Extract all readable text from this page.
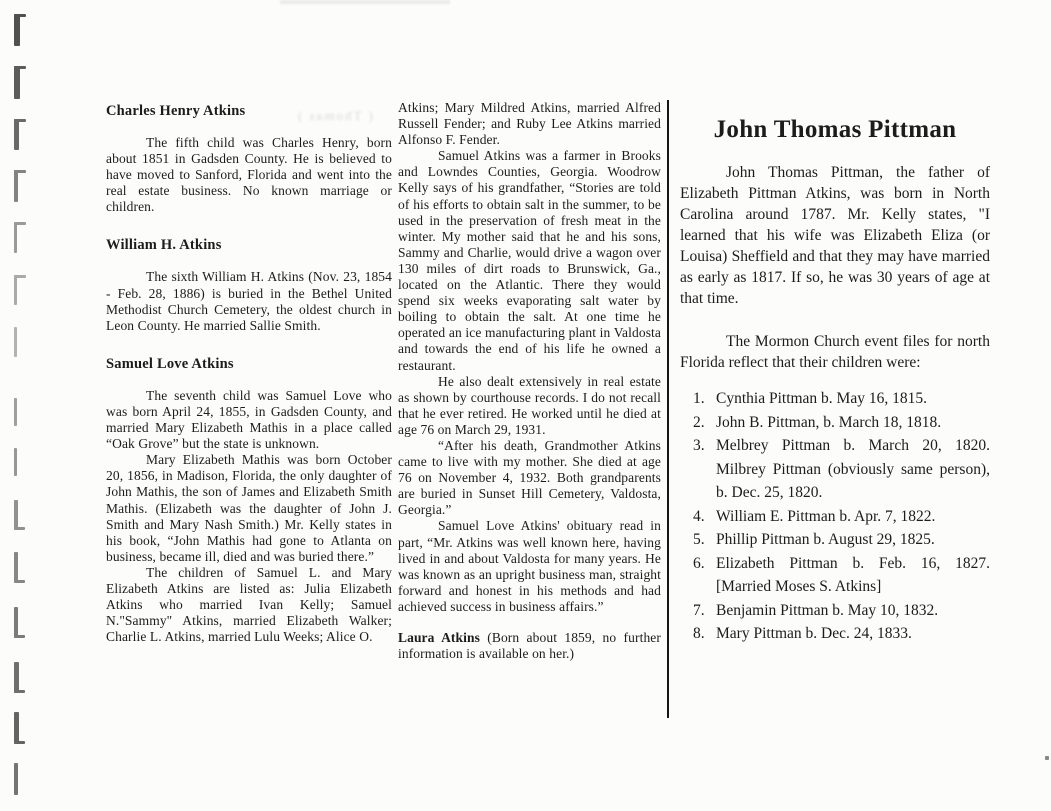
( Thomas )
Charles Henry Atkins

The fifth child was Charles Henry, born about 1851 in Gadsden County. He is believed to have moved to Sanford, Florida and went into the real estate business. No known marriage or children.

William H. Atkins

The sixth William H. Atkins (Nov. 23, 1854 - Feb. 28, 1886) is buried in the Bethel United Methodist Church Cemetery, the oldest church in Leon County. He married Sallie Smith.

Samuel Love Atkins

The seventh child was Samuel Love who was born April 24, 1855, in Gadsden County, and married Mary Elizabeth Mathis in a place called “Oak Grove” but the state is unknown.

Mary Elizabeth Mathis was born October 20, 1856, in Madison, Florida, the only daughter of John Mathis, the son of James and Elizabeth Smith Mathis. (Elizabeth was the daughter of John J. Smith and Mary Nash Smith.) Mr. Kelly states in his book, “John Mathis had gone to Atlanta on business, became ill, died and was buried there.”

The children of Samuel L. and Mary Elizabeth Atkins are listed as: Julia Elizabeth Atkins who married Ivan Kelly; Samuel N."Sammy" Atkins, married Elizabeth Walker; Charlie L. Atkins, married Lulu Weeks; Alice O.

Atkins; Mary Mildred Atkins, married Alfred Russell Fender; and Ruby Lee Atkins married Alfonso F. Fender.

Samuel Atkins was a farmer in Brooks and Lowndes Counties, Georgia. Woodrow Kelly says of his grandfather, “Stories are told of his efforts to obtain salt in the summer, to be used in the preservation of fresh meat in the winter. My mother said that he and his sons, Sammy and Charlie, would drive a wagon over 130 miles of dirt roads to Brunswick, Ga., located on the Atlantic. There they would spend six weeks evaporating salt water by boiling to obtain the salt. At one time he operated an ice manufacturing plant in Valdosta and towards the end of his life he owned a restaurant.

He also dealt extensively in real estate as shown by courthouse records. I do not recall that he ever retired. He worked until he died at age 76 on March 29, 1931.

“After his death, Grandmother Atkins came to live with my mother. She died at age 76 on November 4, 1932. Both grandparents are buried in Sunset Hill Cemetery, Valdosta, Georgia.”

Samuel Love Atkins' obituary read in part, “Mr. Atkins was well known here, having lived in and about Valdosta for many years. He was known as an upright business man, straight forward and honest in his methods and had achieved success in business affairs.”

Laura Atkins (Born about 1859, no further information is available on her.)

John Thomas Pittman

John Thomas Pittman, the father of Elizabeth Pittman Atkins, was born in North Carolina around 1787. Mr. Kelly states, "I learned that his wife was Elizabeth Eliza (or Louisa) Sheffield and that they may have married as early as 1817. If so, he was 30 years of age at that time.

The Mormon Church event files for north Florida reflect that their children were:

1. Cynthia Pittman b. May 16, 1815.
2. John B. Pittman, b. March 18, 1818.
3. Melbrey Pittman b. March 20, 1820. Milbrey Pittman (obviously same person), b. Dec. 25, 1820.
4. William E. Pittman b. Apr. 7, 1822.
5. Phillip Pittman b. August 29, 1825.
6. Elizabeth Pittman b. Feb. 16, 1827. [Married Moses S. Atkins]
7. Benjamin Pittman b. May 10, 1832.
8. Mary Pittman b. Dec. 24, 1833.
